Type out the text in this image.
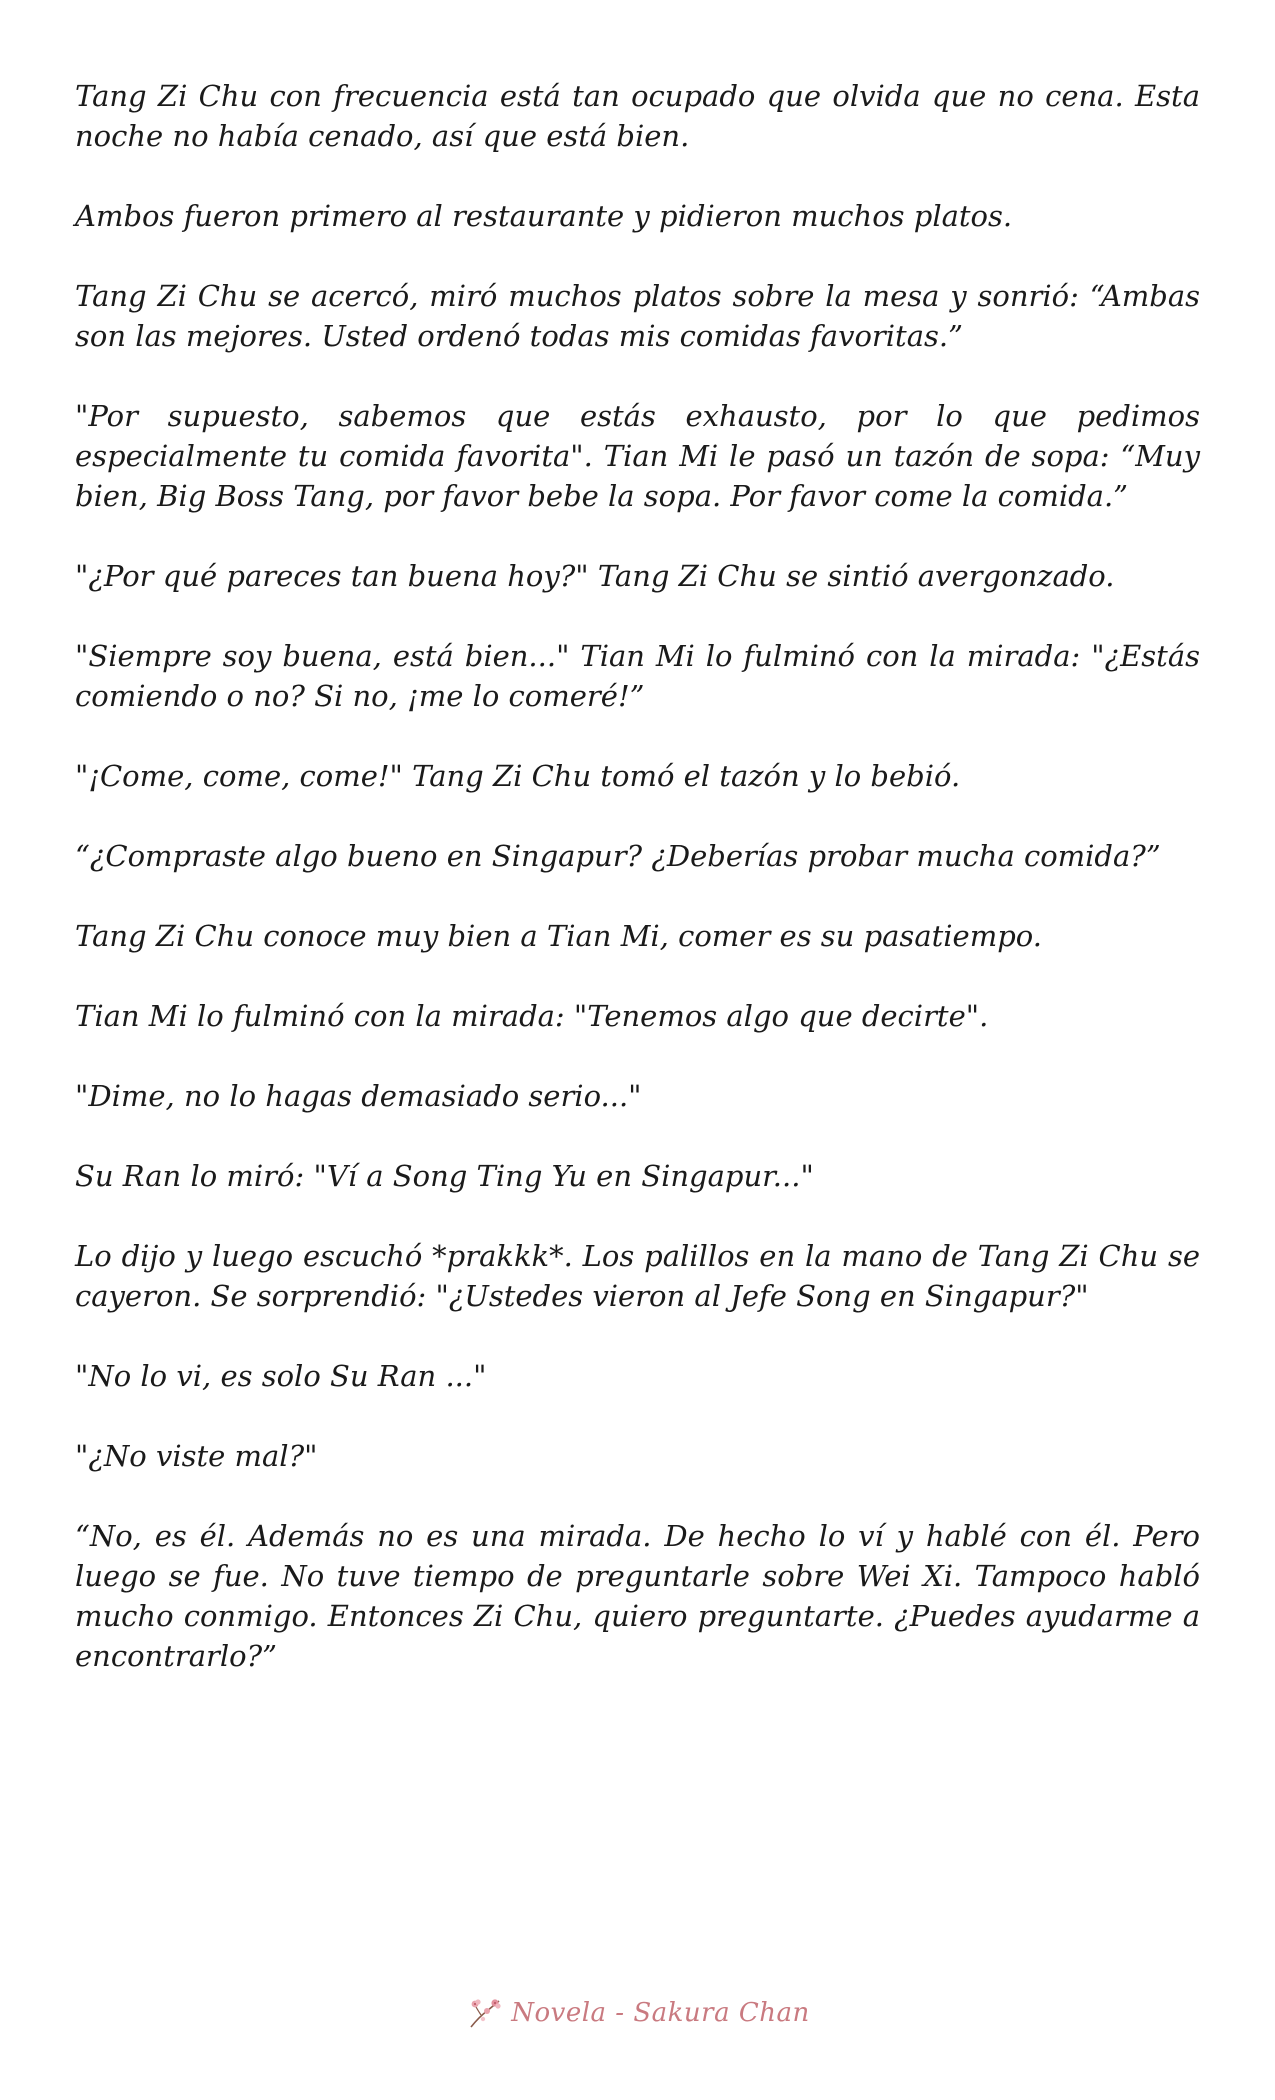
Tang Zi Chu con frecuencia está tan ocupado que olvida que no cena. Esta noche no había cenado, así que está bien.

Ambos fueron primero al restaurante y pidieron muchos platos.

Tang Zi Chu se acercó, miró muchos platos sobre la mesa y sonrió: “Ambas son las mejores. Usted ordenó todas mis comidas favoritas.”

"Por supuesto, sabemos que estás exhausto, por lo que pedimos especialmente tu comida favorita". Tian Mi le pasó un tazón de sopa: “Muy bien, Big Boss Tang, por favor bebe la sopa. Por favor come la comida.”

"¿Por qué pareces tan buena hoy?" Tang Zi Chu se sintió avergonzado.

"Siempre soy buena, está bien..." Tian Mi lo fulminó con la mirada: "¿Estás comiendo o no? Si no, ¡me lo comeré!”

"¡Come, come, come!" Tang Zi Chu tomó el tazón y lo bebió.

“¿Compraste algo bueno en Singapur? ¿Deberías probar mucha comida?”

Tang Zi Chu conoce muy bien a Tian Mi, comer es su pasatiempo.

Tian Mi lo fulminó con la mirada: "Tenemos algo que decirte".

"Dime, no lo hagas demasiado serio..."

Su Ran lo miró: "Ví a Song Ting Yu en Singapur..."

Lo dijo y luego escuchó *prakkk*. Los palillos en la mano de Tang Zi Chu se cayeron. Se sorprendió: "¿Ustedes vieron al Jefe Song en Singapur?"

"No lo vi, es solo Su Ran ..."

"¿No viste mal?"

“No, es él. Además no es una mirada. De hecho lo ví y hablé con él. Pero luego se fue. No tuve tiempo de preguntarle sobre Wei Xi. Tampoco habló mucho conmigo. Entonces Zi Chu, quiero preguntarte. ¿Puedes ayudarme a encontrarlo?”

Novela - Sakura Chan
